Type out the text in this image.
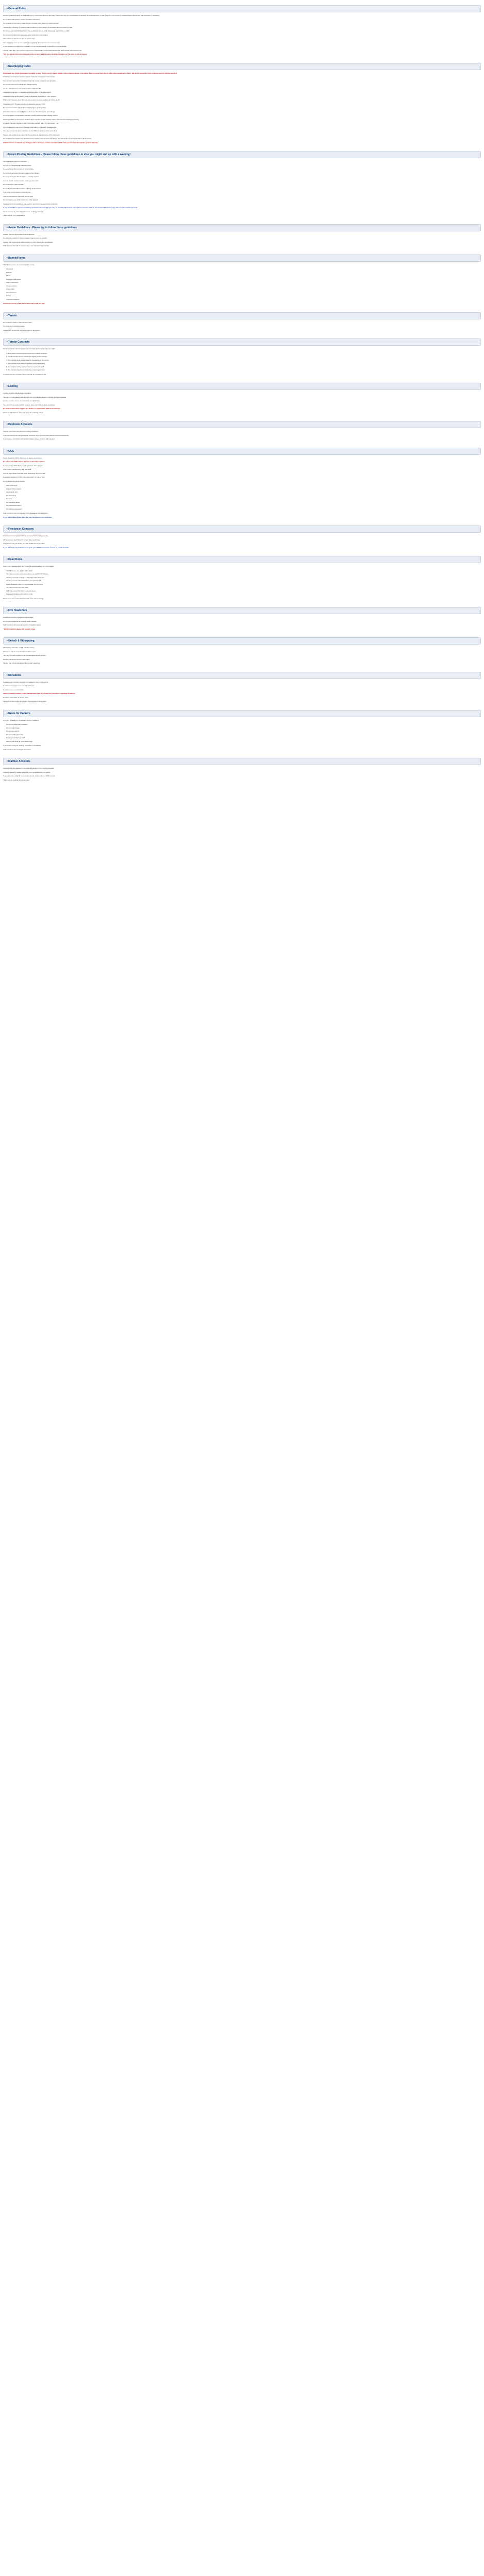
• General Rules
General guidelines apply for Whitelisting (any of the rules listed on this page, Never use any form manipulation to deceive the staff members or other players on the server or mislead players about your real intentions or character).
Do not fail to RP realistic and/or unrealistic characters.
Do not spam or be rude or make threats or harass other players or staff members.
Threatening / abusing or imitating staff members or other players is prohibited and can result in a ban.
Do not use any exploits/bugs/hacks that would give you an unfair advantage, report them to staff.
Do not use the Discord to advertise other servers or communities.
Take advice on the forums and do not be toxic.
Fail roleplaying such as not reacting to or ignoring the requests and consequences.
If your account is found to be in violation, it may be permanently banned from the community.
The RP / MP: Ban, don't come on Discord (or Teamspeak) to insult and threaten the staff member who banned you.
This is a private Discord community and you must read the rules carefully. Ignorance of the rules is not an excuse.
• Roleplaying Rules
Whitelisted has a fully automated recording system. If your voice is heard inside a voice channel during a recording it will be used. Keep this in mind when speaking to others. We do not accept any form of abuse and this will be reported.
Characters and names must be realistic, fitting the time period of the server.
Use common sense when handling things like money, weapons and property.
Do not use items from outside the roleplay setting.
You are allowed to be evil, cruel or mean inside the RP.
Characters must stay in character at all times when in the game world.
Characters may not be used in a way to break the immersion of other players.
When your character dies, they lose all memory of events leading up to their death.
Characters over 18 years old are not allowed to act as a child.
Do not prevent other players from roleplaying by ignoring them.
Characters that are wanted by law enforcement should roleplay accordingly.
Do not engage in unnecessary violence or killing without a valid roleplay reason.
Stealing vehicles or items from another player requires a valid roleplay reason and must be roleplayed properly.
Any kind of sexual roleplay is strictly forbidden and will result in a permanent ban.
It is not allowed to use out-of-character information in character (metagaming).
You may not use the same character for two different factions at the same time.
Players who violate these rules may be punished at the discretion of the staff team.
Do not attempt to bypass any punishment by creating new accounts. Evading a ban will result in a permanent ban of all accounts.
Staff decisions are final. If you disagree with a decision, contact a member of the management team through the proper channels.
• Forum Posting Guidelines - Please follow these guidelines or else you might end up with a warning!
All suggestions must be in English.
No trolling or intentionally offensive posts.
No advertising other servers or communities.
Do not post personal information about other players.
Do not post content that is illegal or sexually explicit.
Use the search function before creating a new topic.
Do not bump or spam threads.
Do not argue with staff members publicly on the forums.
Post in the correct section of the forums.
Keep all discussions respectful and on topic.
Do not impersonate staff members or other players.
Violating the forum guidelines may result in your forum account being restricted.
If you would like to request something reviewed and note that you may be found in the forums, all requests must be made in the designated section. Any other request will be ignored.
Please ensure all posts follow the forum posting guidelines.
Thank you for your cooperation.
• Avatar Guidelines - Please try to follow these guidelines
Avatars must be appropriate for all audiences.
No offensive, explicit or violent imagery may be used for avatars.
Avatars that impersonate staff members or other players are not allowed.
Staff reserves the right to remove any avatar deemed inappropriate.
• Banned Items
The following items are banned on the server:
Grenades
Rockets
Mines
Explosives (all types)
Attack helicopters
Armed vehicles
Sniper rifles
Flamethrowers
Poison
Chemical weapons
Possession of any of the above items will result in a ban.
• Terrain
Do not block roads or other access routes.
Do not build in restricted areas.
Respect the terrain and the environment of the server.
• Terrain Contracts
Terrain contracts must be agreed upon by both parties before they are valid.
1. Both parties must be present when the contract is signed.
2. A staff member should witness the signing of the contract.
3. The contract must clearly state the boundaries of the terrain.
4. The contract must state the duration of the agreement.
5. Any violation of the contract must be reported to staff.
6. The contract may be terminated by mutual agreement.
Contracts that do not follow these rules will be considered void.
• Looting
Looting must be roleplayed appropriately.
You may not loot players who are currently in a roleplay situation that has not been resolved.
Looting must be done in a reasonable amount of time.
You may not loot all items from a player, leave them with at least something.
Do not loot items that are part of a faction or organisation without permission.
Failure to follow these rules may result in a warning or ban.
• Duplicate Accounts
Owning more than one account is strictly prohibited.
If you are found to be using duplicate accounts, all of your accounts will be banned permanently.
If you share a connection with another player, please inform a staff member.
• OOC
Out of character (OOC) chat must be kept to a minimum.
Do not use the OOC chat to discuss in-character matters.
Do not use the OOC chat to insult or harass other players.
OOC chat is monitored by staff members.
Use the appropriate channels when requesting help from staff.
Repeated violations of OOC rules will result in a mute or ban.
Do not abuse the report system.
Keep OOC brief
Respect other players
Use English only
No advertising
No spam
No caps lock abuse
No political discussion
No religious discussion
Staff members may remove any OOC message at their discretion.
If you fail to follow these rules you may be banned from the server.
• Freelancer Company
Freelancers must register with the company before taking on jobs.
All freelancers must follow the server rules at all times.
Freelancers may not accept jobs that violate the server rules.
If you fail to pay any Freelancer in-game you will be removed in 1 week by a staff member.
• Dead Rules
When your character dies, they forget the events leading up to their death.
The 15 minute rule applies after death.
You may not return to the area where you died for 15 minutes.
You may not seek revenge on the player who killed you.
You may not use information from your previous life.
Dead characters may not communicate with the living.
You may not loot your own body.
Staff may extend the timer in special cases.
Repeated violations will result in a ban.
Please read and understand the death rules before playing.
• Fire Headshots
Headshots must be roleplayed appropriately.
Do not use headshots as a way to avoid roleplay.
Staff members will review all reports of headshot abuse.
* NOTE! Headshot abuse will result in a ban.
• Unlock & Kidnapping
Kidnapping must have a valid roleplay reason.
Kidnapped players must be treated with respect.
You may not hold a player for an unreasonable amount of time.
Ransom demands must be reasonable.
Players may not be kidnapped directly after spawning.
• Donations
Donations are voluntary and are not required to play on the server.
Donations do not grant any special privileges.
Donations are non-refundable.
Please contact a member of the management team if you have any questions regarding donations.
Donators must follow all server rules.
Abuse of donator perks will result in the removal of those perks.
• Rules for Hackers
Any form of hacking or cheating is strictly prohibited.
Do not use third-party software.
Do not exploit bugs.
Do not use macros.
Do not modify game files.
Report any hackers to staff.
Hacking will result in a permanent ban.
If you know of anyone hacking, report them immediately.
Staff members will investigate all reports.
• Inactive Accounts
Accounts that are inactive for an extended period of time may be removed.
Property owned by inactive accounts may be reclaimed by the server.
If you plan to be away for an extended period, please inform a staff member.
Thank you for reading the server rules.
